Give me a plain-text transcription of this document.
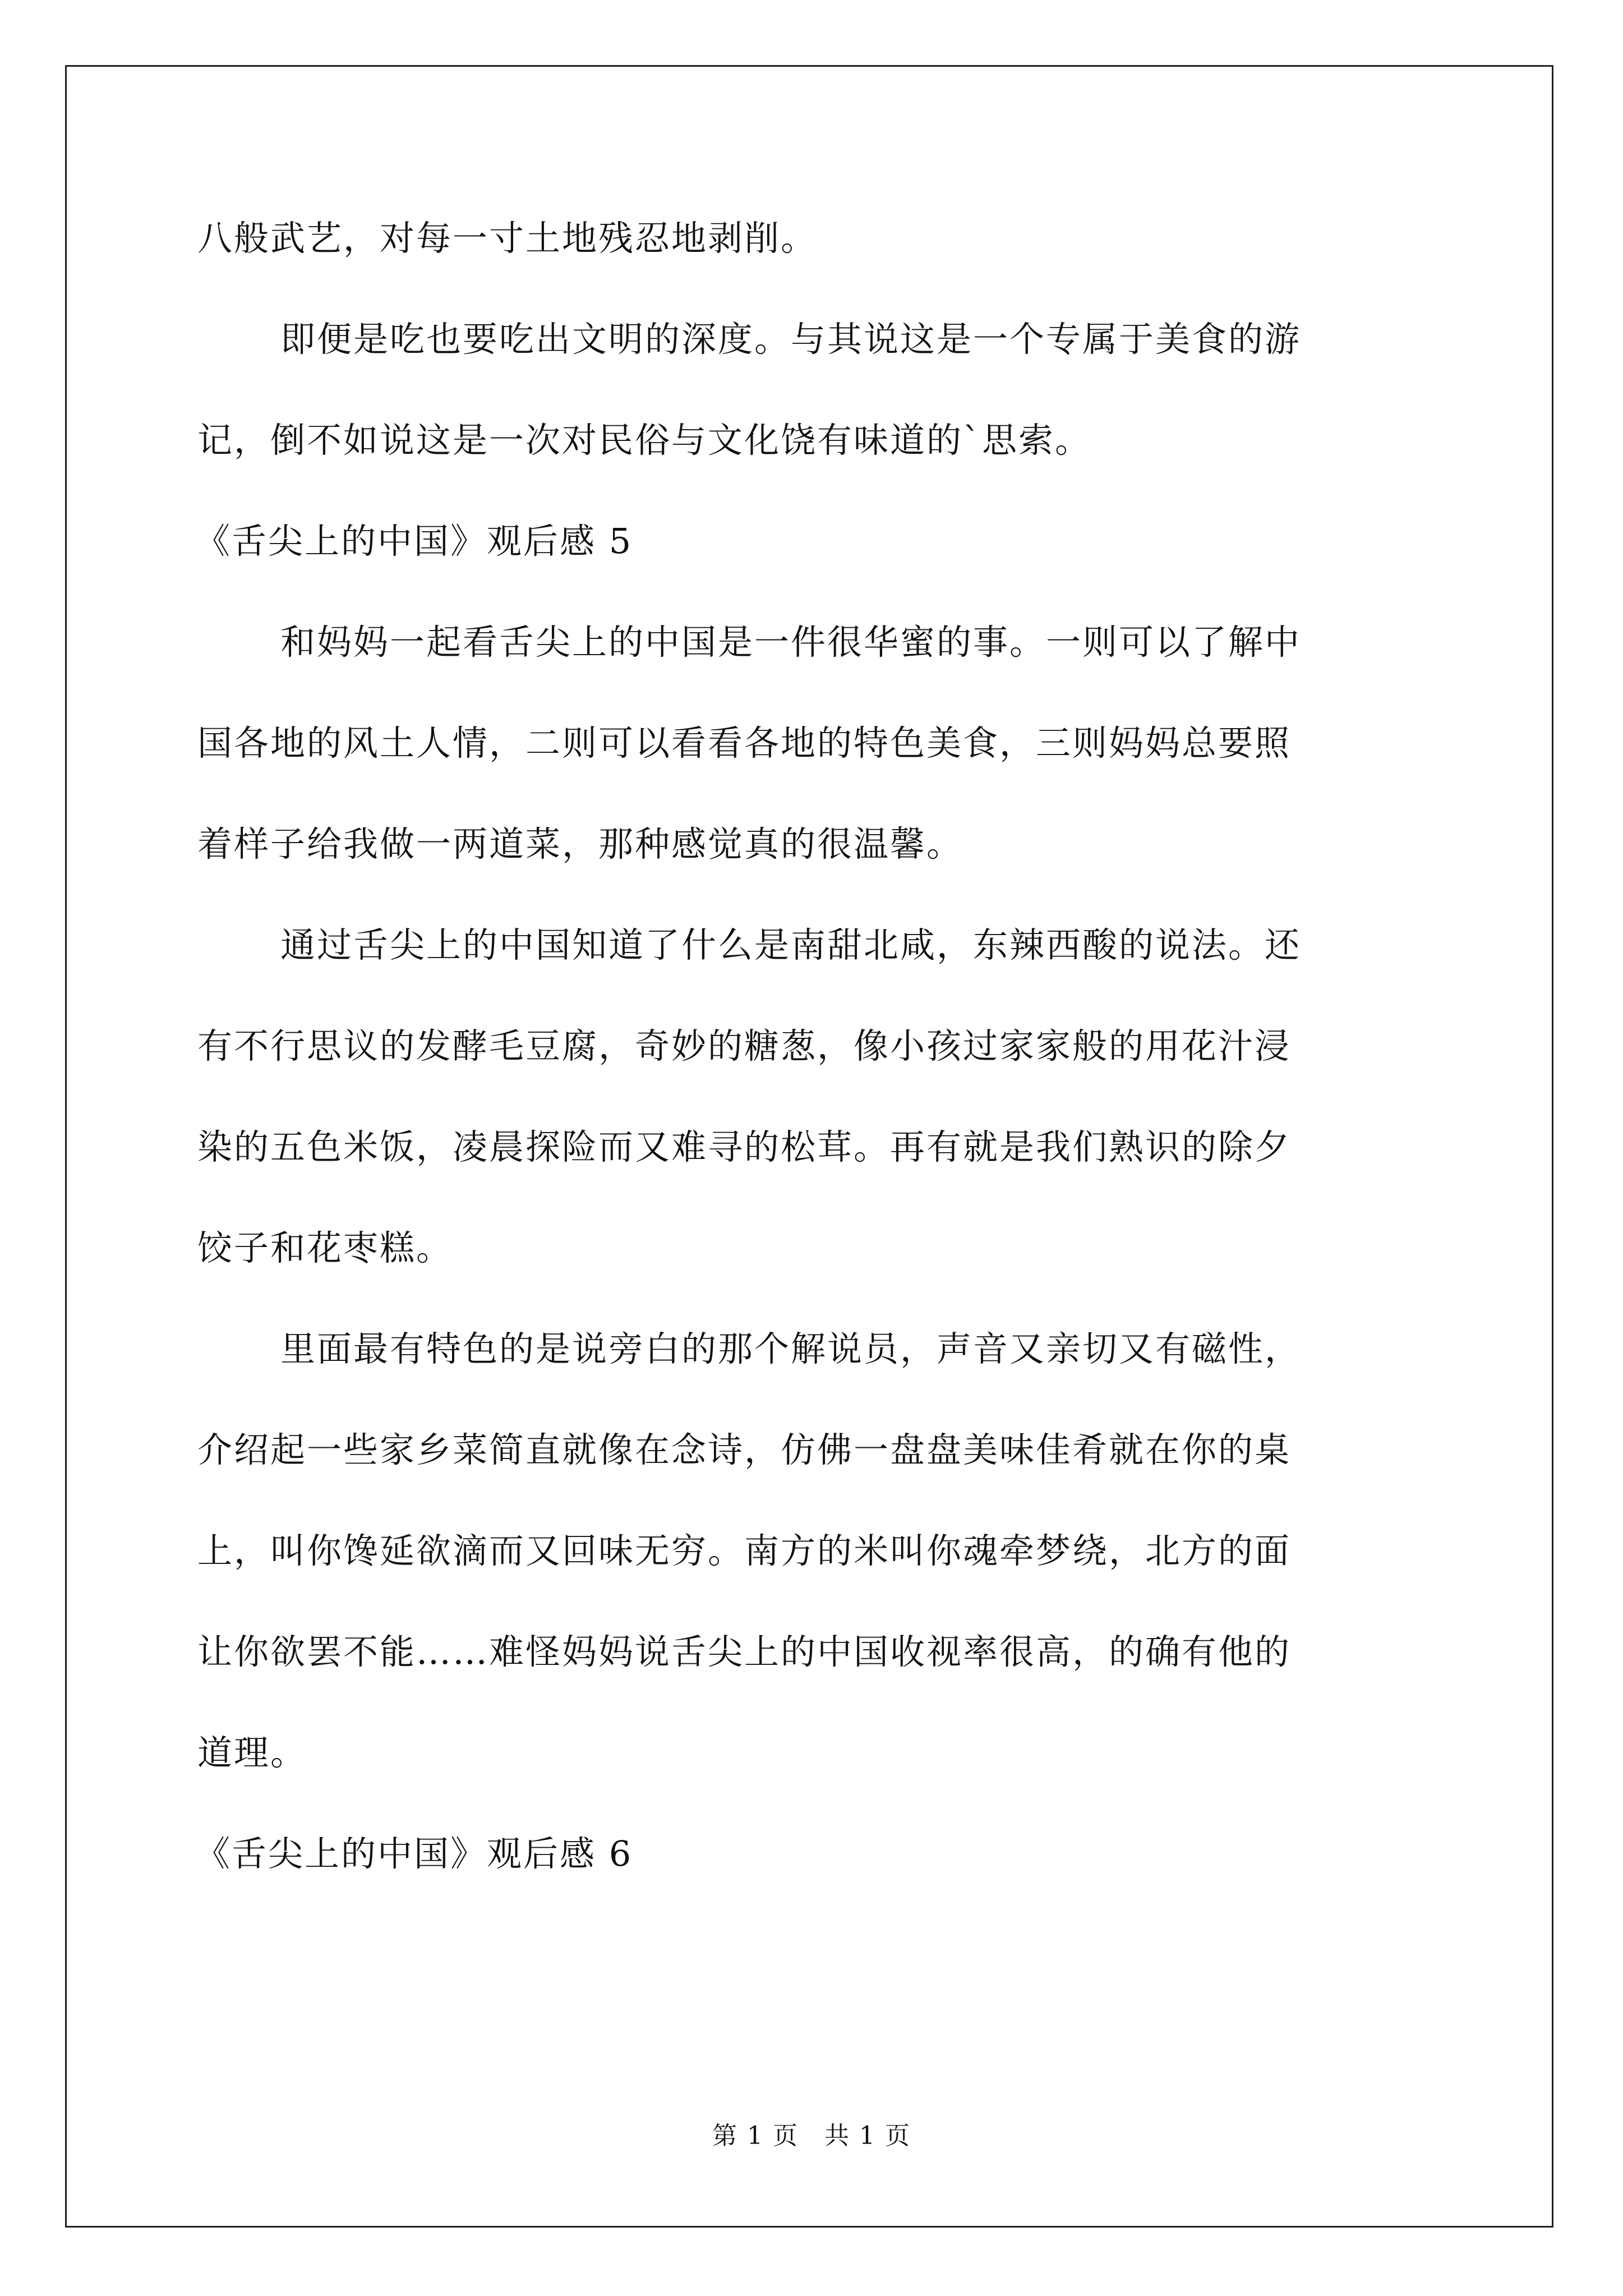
八般武艺，对每一寸土地残忍地剥削。
即便是吃也要吃出文明的深度。与其说这是一个专属于美食的游
记，倒不如说这是一次对民俗与文化饶有味道的`思索。
《舌尖上的中国》观后感 5
和妈妈一起看舌尖上的中国是一件很华蜜的事。一则可以了解中
国各地的风土人情，二则可以看看各地的特色美食，三则妈妈总要照
着样子给我做一两道菜，那种感觉真的很温馨。
通过舌尖上的中国知道了什么是南甜北咸，东辣西酸的说法。还
有不行思议的发酵毛豆腐，奇妙的糖葱，像小孩过家家般的用花汁浸
染的五色米饭，凌晨探险而又难寻的松茸。再有就是我们熟识的除夕
饺子和花枣糕。
里面最有特色的是说旁白的那个解说员，声音又亲切又有磁性，
介绍起一些家乡菜简直就像在念诗，仿佛一盘盘美味佳肴就在你的桌
上，叫你馋延欲滴而又回味无穷。南方的米叫你魂牵梦绕，北方的面
让你欲罢不能……难怪妈妈说舌尖上的中国收视率很高，的确有他的
道理。
《舌尖上的中国》观后感 6
第 1 页　共 1 页
